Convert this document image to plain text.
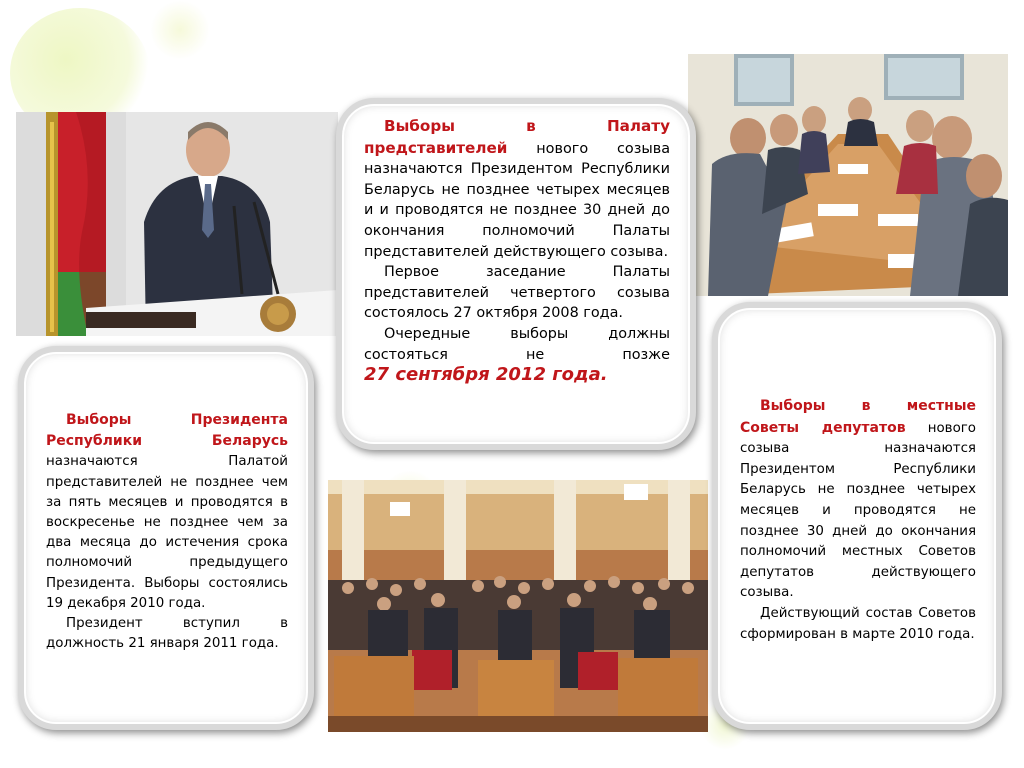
Выборы в Палату представителей нового созыва назначаются Президентом Республики Беларусь не позднее четырех месяцев и и проводятся не позднее 30 дней до окончания полномочий Палаты представителей действующего созыва.

Первое заседание Палаты представителей четвертого созыва состоялось 27 октября 2008 года.

Очередные выборы должны состояться не позже

27 сентября 2012 года.

Выборы Президента Республики Беларусь назначаются Палатой представителей не позднее чем за пять месяцев и проводятся в воскресенье не позднее чем за два месяца до истечения срока полномочий предыдущего Президента. Выборы состоялись 19 декабря 2010 года.

Президент вступил в должность 21 января 2011 года.

Выборы в местные Советы депутатов нового созыва назначаются Президентом Республики Беларусь не позднее четырех месяцев и проводятся не позднее 30 дней до окончания полномочий местных Советов депутатов действующего созыва.

Действующий состав Советов сформирован в марте 2010 года.
